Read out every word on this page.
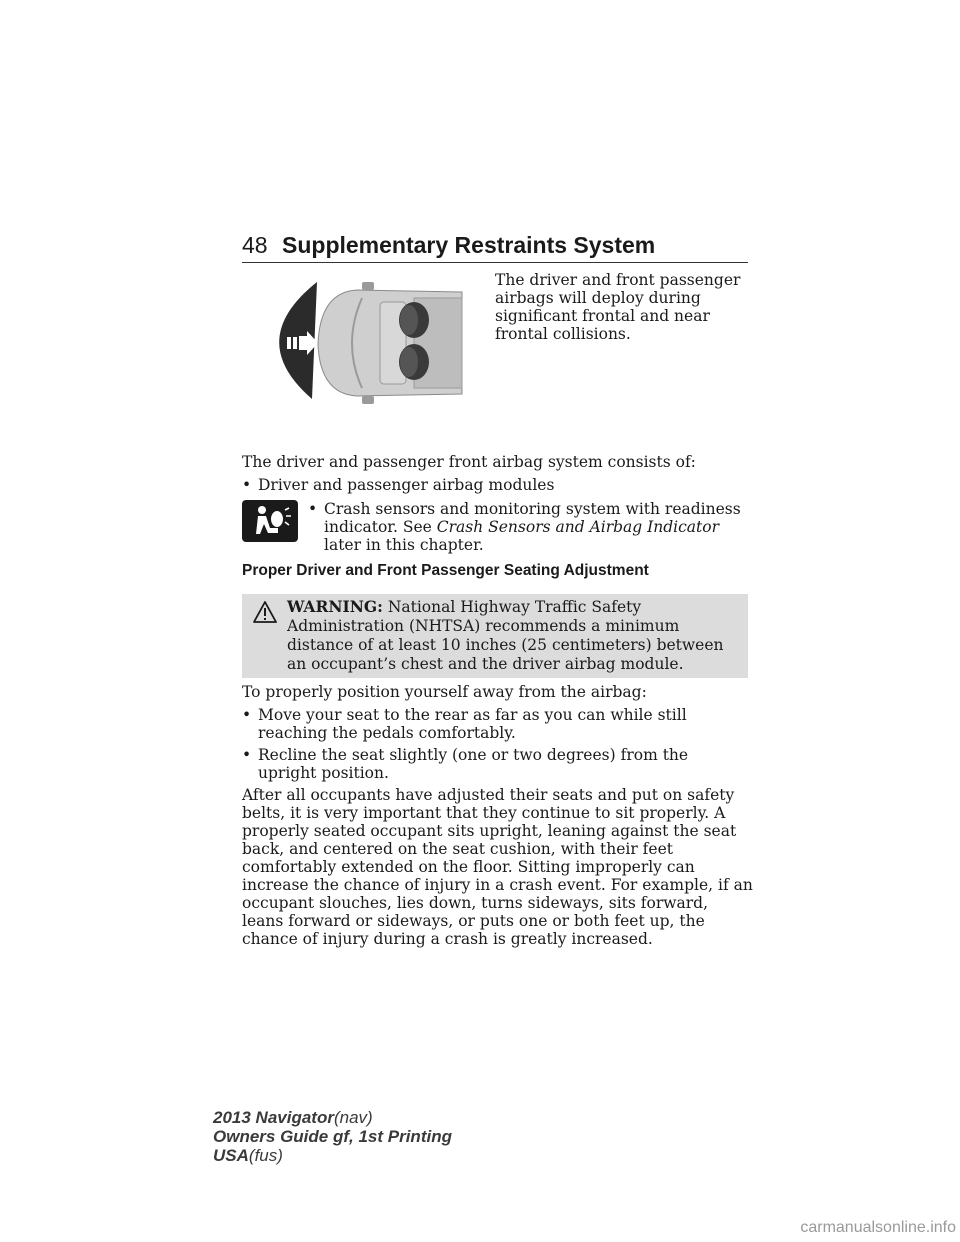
48 Supplementary Restraints System
The driver and front passenger airbags will deploy during significant frontal and near frontal collisions.
The driver and passenger front airbag system consists of:
• Driver and passenger airbag modules
• Crash sensors and monitoring system with readiness indicator. See Crash Sensors and Airbag Indicator later in this chapter.
Proper Driver and Front Passenger Seating Adjustment
WARNING: National Highway Traffic Safety Administration (NHTSA) recommends a minimum distance of at least 10 inches (25 centimeters) between an occupant’s chest and the driver airbag module.
To properly position yourself away from the airbag:
• Move your seat to the rear as far as you can while still reaching the pedals comfortably.
• Recline the seat slightly (one or two degrees) from the upright position.
After all occupants have adjusted their seats and put on safety belts, it is very important that they continue to sit properly. A properly seated occupant sits upright, leaning against the seat back, and centered on the seat cushion, with their feet comfortably extended on the floor. Sitting improperly can increase the chance of injury in a crash event. For example, if an occupant slouches, lies down, turns sideways, sits forward, leans forward or sideways, or puts one or both feet up, the chance of injury during a crash is greatly increased.
2013 Navigator(nav)
Owners Guide gf, 1st Printing
USA(fus)
carmanualsonline.info
